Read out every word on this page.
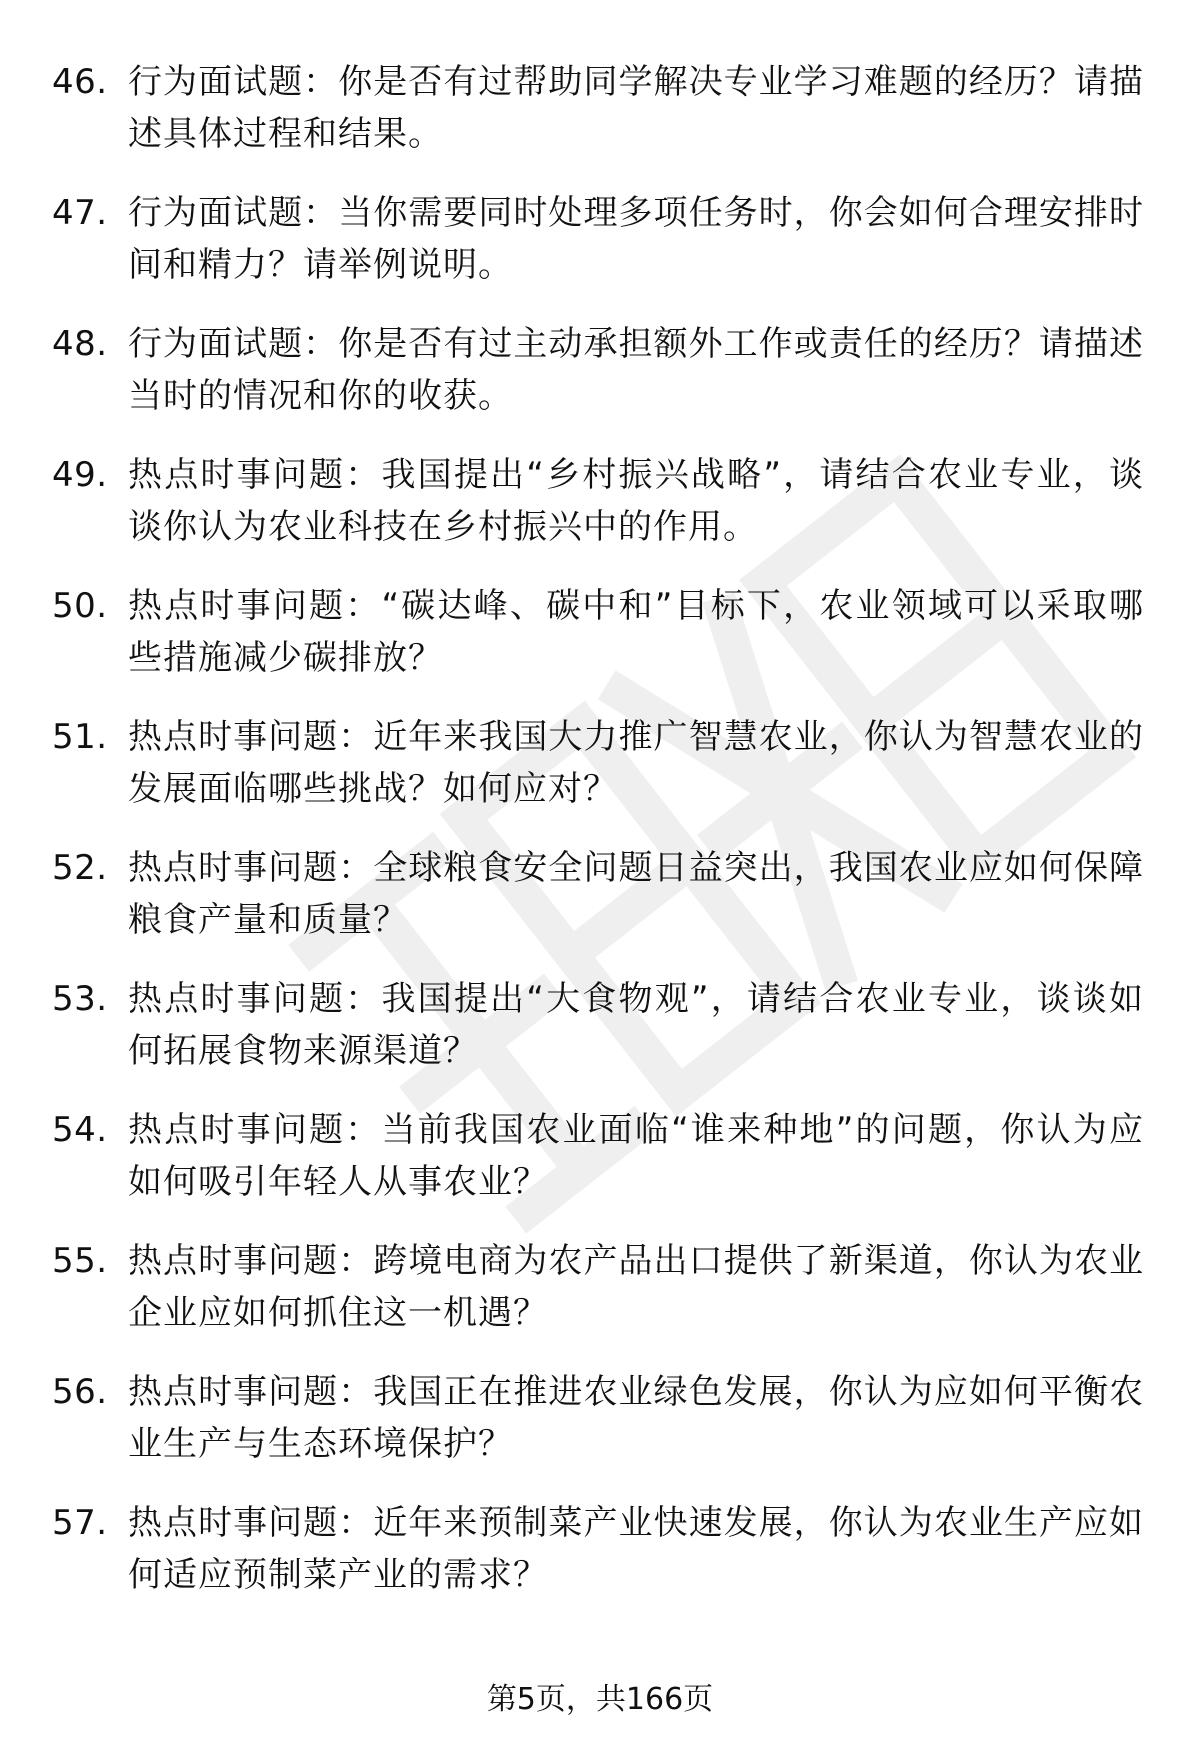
46. 行为面试题：你是否有过帮助同学解决专业学习难题的经历？请描述具体过程和结果。

47. 行为面试题：当你需要同时处理多项任务时，你会如何合理安排时间和精力？请举例说明。

48. 行为面试题：你是否有过主动承担额外工作或责任的经历？请描述当时的情况和你的收获。

49. 热点时事问题：我国提出“乡村振兴战略”，请结合农业专业，谈谈你认为农业科技在乡村振兴中的作用。

50. 热点时事问题：“碳达峰、碳中和”目标下，农业领域可以采取哪些措施减少碳排放？

51. 热点时事问题：近年来我国大力推广智慧农业，你认为智慧农业的发展面临哪些挑战？如何应对？

52. 热点时事问题：全球粮食安全问题日益突出，我国农业应如何保障粮食产量和质量？

53. 热点时事问题：我国提出“大食物观”，请结合农业专业，谈谈如何拓展食物来源渠道？

54. 热点时事问题：当前我国农业面临“谁来种地”的问题，你认为应如何吸引年轻人从事农业？

55. 热点时事问题：跨境电商为农产品出口提供了新渠道，你认为农业企业应如何抓住这一机遇？

56. 热点时事问题：我国正在推进农业绿色发展，你认为应如何平衡农业生产与生态环境保护？

57. 热点时事问题：近年来预制菜产业快速发展，你认为农业生产应如何适应预制菜产业的需求？

第5页，共166页
